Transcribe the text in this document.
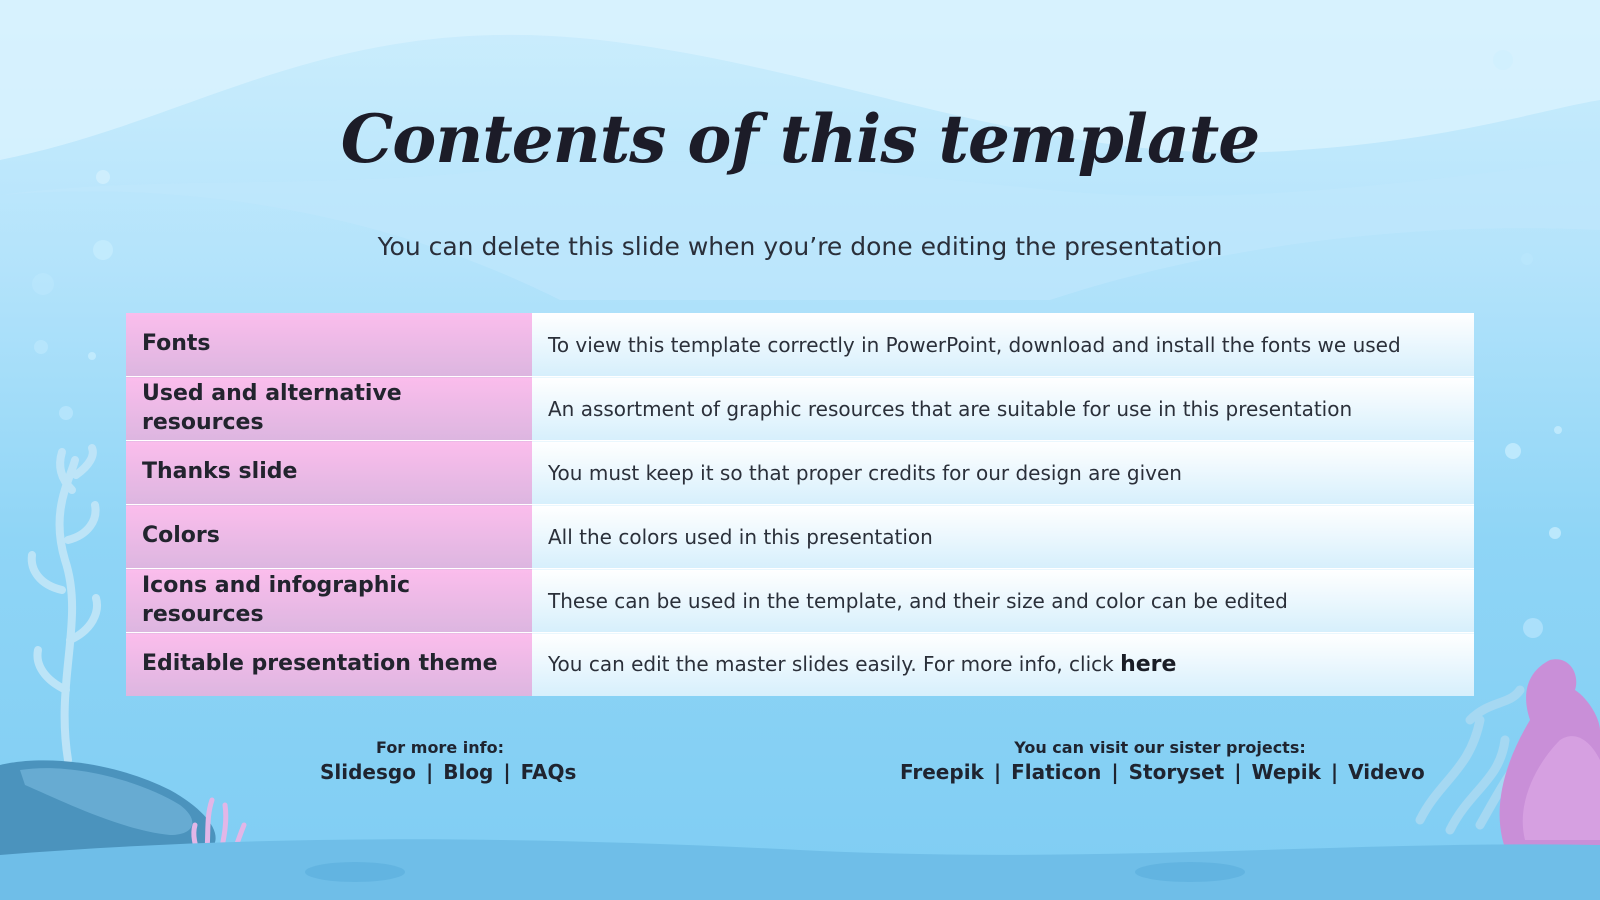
Contents of this template
You can delete this slide when you’re done editing the presentation
Fonts	To view this template correctly in PowerPoint, download and install the fonts we used
Used and alternative resources	An assortment of graphic resources that are suitable for use in this presentation
Thanks slide	You must keep it so that proper credits for our design are given
Colors	All the colors used in this presentation
Icons and infographic resources	These can be used in the template, and their size and color can be edited
Editable presentation theme	You can edit the master slides easily. For more info, click here
For more info:
Slidesgo | Blog | FAQs
You can visit our sister projects:
Freepik | Flaticon | Storyset | Wepik | Videvo
